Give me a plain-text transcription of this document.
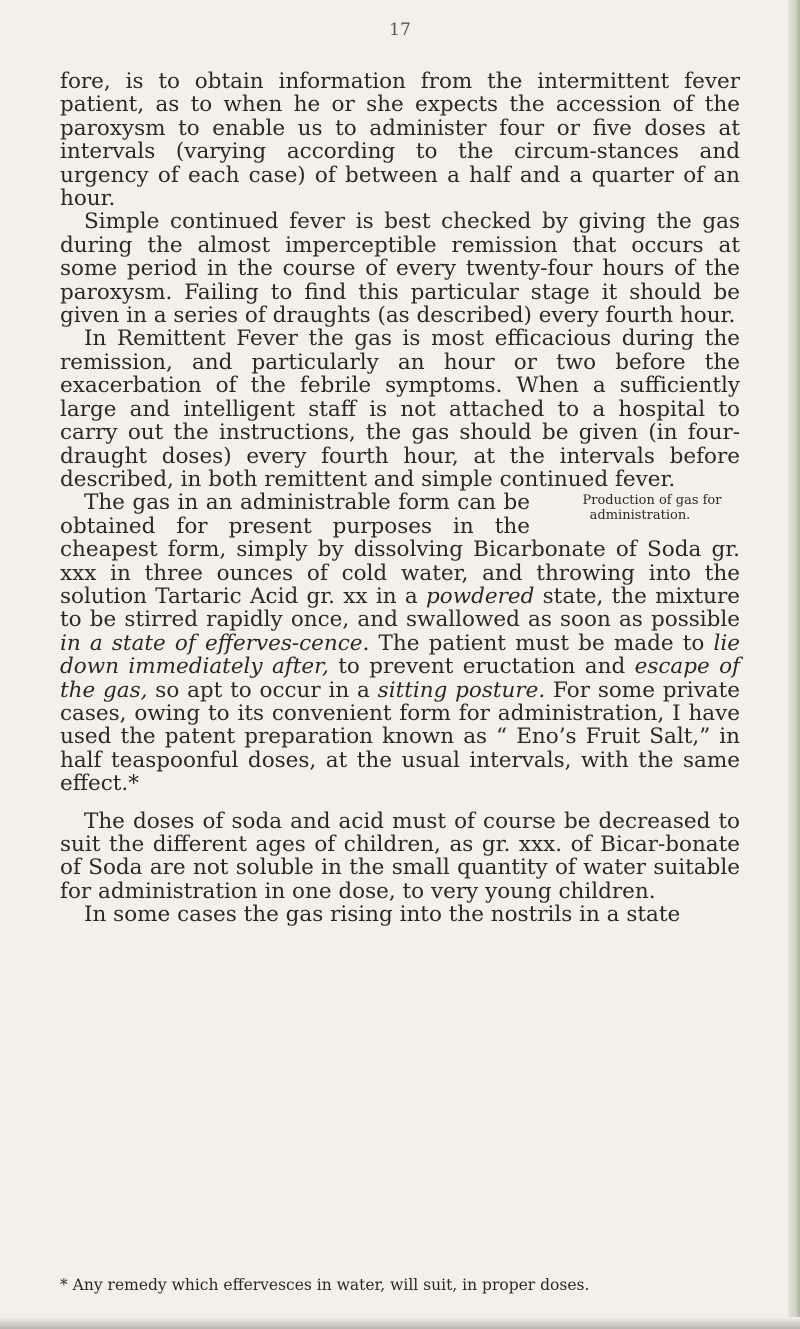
17

fore, is to obtain information from the intermittent fever patient, as to when he or she expects the accession of the paroxysm to enable us to administer four or five doses at intervals (varying according to the circum-stances and urgency of each case) of between a half and a quarter of an hour.

Simple continued fever is best checked by giving the gas during the almost imperceptible remission that occurs at some period in the course of every twenty-four hours of the paroxysm. Failing to find this particular stage it should be given in a series of draughts (as described) every fourth hour.

In Remittent Fever the gas is most efficacious during the remission, and particularly an hour or two before the exacerbation of the febrile symptoms. When a sufficiently large and intelligent staff is not attached to a hospital to carry out the instructions, the gas should be given (in four-draught doses) every fourth hour, at the intervals before described, in both remittent and simple continued fever.

Production of gas for administration.
The gas in an administrable form can be obtained for present purposes in the cheapest form, simply by dissolving Bicarbonate of Soda gr. xxx in three ounces of cold water, and throwing into the solution Tartaric Acid gr. xx in a powdered state, the mixture to be stirred rapidly once, and swallowed as soon as possible in a state of efferves-cence. The patient must be made to lie down immediately after, to prevent eructation and escape of the gas, so apt to occur in a sitting posture. For some private cases, owing to its convenient form for administration, I have used the patent preparation known as “ Eno’s Fruit Salt,” in half teaspoonful doses, at the usual intervals, with the same effect.*

The doses of soda and acid must of course be decreased to suit the different ages of children, as gr. xxx. of Bicar-bonate of Soda are not soluble in the small quantity of water suitable for administration in one dose, to very young children.

In some cases the gas rising into the nostrils in a state

* Any remedy which effervesces in water, will suit, in proper doses.
